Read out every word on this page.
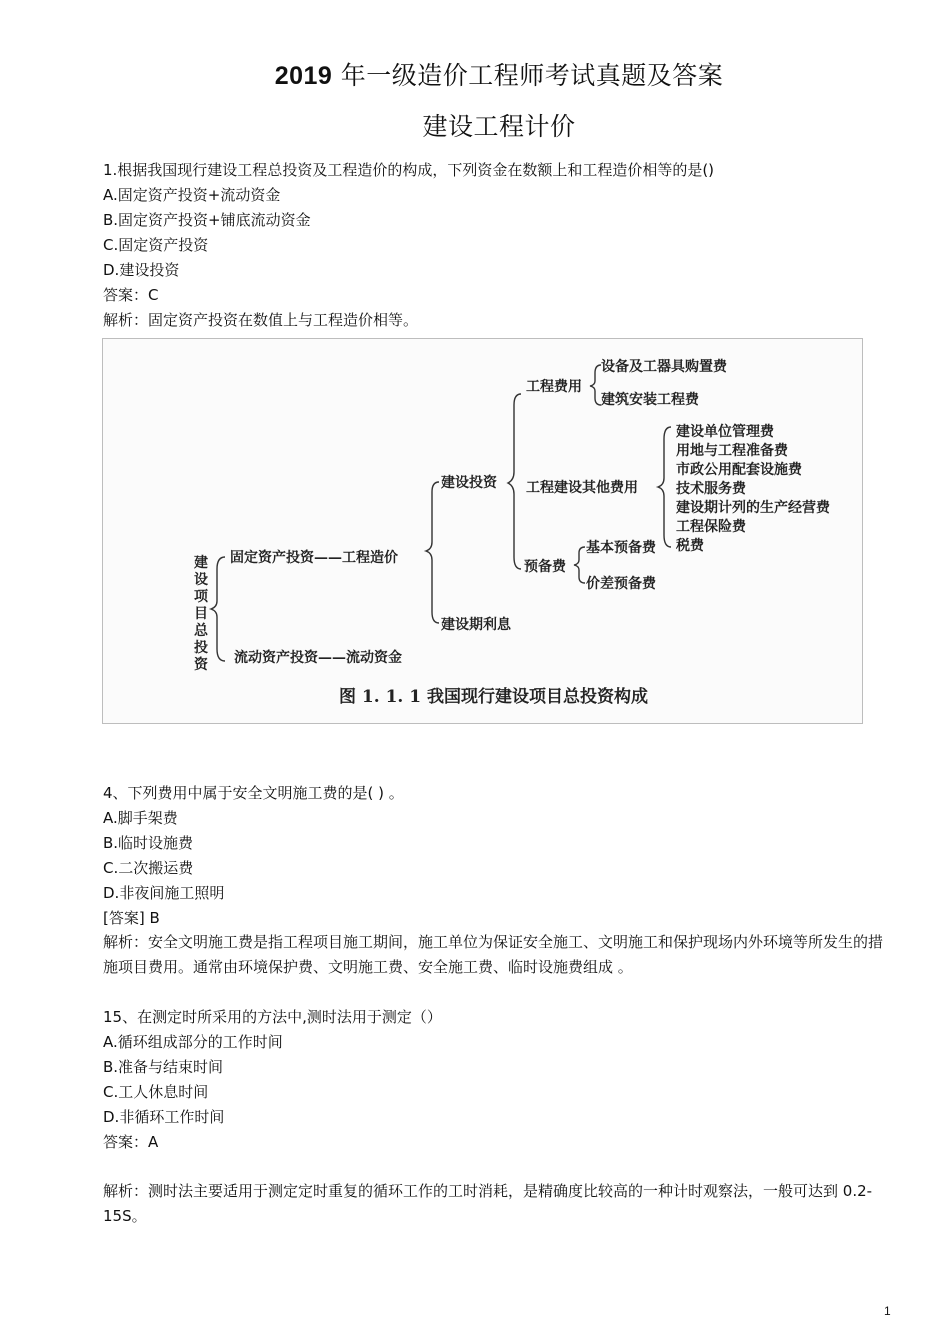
2019 年一级造价工程师考试真题及答案
建设工程计价
1.根据我国现行建设工程总投资及工程造价的构成，下列资金在数额上和工程造价相等的是()
A.固定资产投资+流动资金
B.固定资产投资+铺底流动资金
C.固定资产投资
D.建设投资
答案：C
解析：固定资产投资在数值上与工程造价相等。
建
设
项
目
总
投
资
固定资产投资——工程造价
流动资产投资——流动资金
建设投资
建设期利息
工程费用
工程建设其他费用
预备费
设备及工器具购置费
建筑安装工程费
建设单位管理费
用地与工程准备费
市政公用配套设施费
技术服务费
建设期计列的生产经营费
工程保险费
税费
基本预备费
价差预备费
图 1. 1. 1 我国现行建设项目总投资构成
4、下列费用中属于安全文明施工费的是( ) 。
A.脚手架费
B.临时设施费
C.二次搬运费
D.非夜间施工照明
[答案] B
解析：安全文明施工费是指工程项目施工期间，施工单位为保证安全施工、文明施工和保护现场内外环境等所发生的措施项目费用。通常由环境保护费、文明施工费、安全施工费、临时设施费组成 。
15、在测定时所采用的方法中,测时法用于测定（）
A.循环组成部分的工作时间
B.准备与结束时间
C.工人休息时间
D.非循环工作时间
答案：A
解析：测时法主要适用于测定定时重复的循环工作的工时消耗，是精确度比较高的一种计时观察法，一般可达到 0.2-15S。
1
